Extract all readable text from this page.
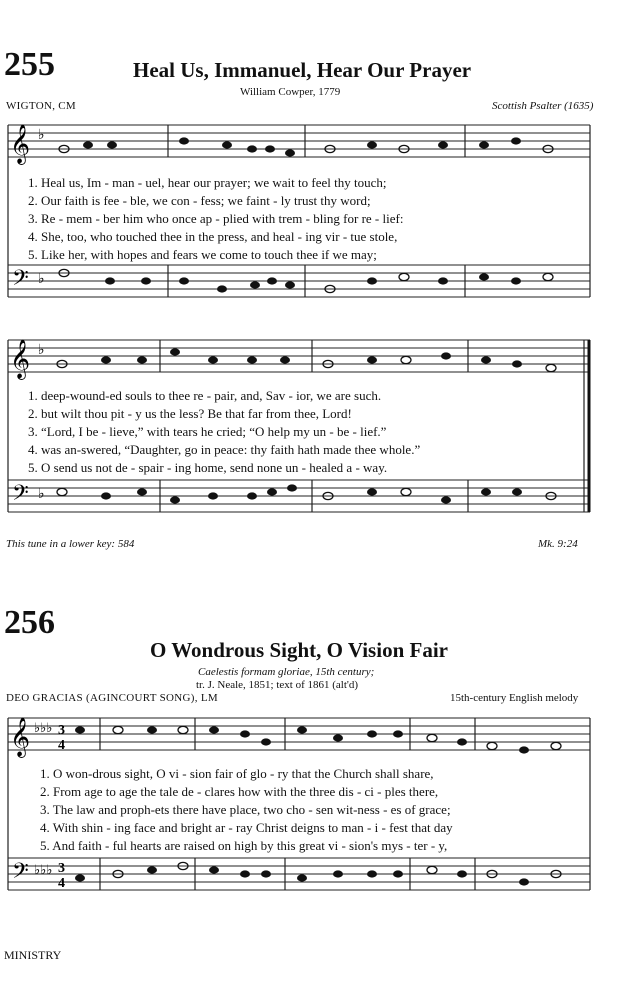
255	Heal Us, Immanuel, Hear Our Prayer
William Cowper, 1779
WIGTON, CM	Scottish Psalter (1635)
𝄞 ♭
𝄢 ♭
1. Heal us, Im - man - uel, hear our prayer; we wait to feel thy touch;
2. Our faith is fee - ble, we con - fess; we faint - ly trust thy word;
3. Re - mem - ber him who once ap - plied with trem - bling for re - lief:
4. She, too, who touched thee in the press, and heal - ing vir - tue stole,
5. Like her, with hopes and fears we come to touch thee if we may;
𝄞 ♭
𝄢 ♭
1. deep-wound-ed souls to thee re - pair, and, Sav - ior, we are such.
2. but wilt thou pit - y us the less? Be that far from thee, Lord!
3. “Lord, I be - lieve,” with tears he cried; “O help my un - be - lief.”
4. was an-swered, “Daughter, go in peace: thy faith hath made thee whole.”
5. O send us not de - spair - ing home, send none un - healed a - way.
This tune in a lower key: 584	Mk. 9:24
256
O Wondrous Sight, O Vision Fair
Caelestis formam gloriae, 15th century;
tr. J. Neale, 1851; text of 1861 (alt'd)
DEO GRACIAS (AGINCOURT SONG), LM	15th-century English melody
𝄞 ♭♭♭ 3
4
𝄢 ♭♭♭ 3
4
1. O won-drous sight, O vi - sion fair of glo - ry that the Church shall share,
2. From age to age the tale de - clares how with the three dis - ci - ples there,
3. The law and proph-ets there have place, two cho - sen wit-ness - es of grace;
4. With shin - ing face and bright ar - ray Christ deigns to man - i - fest that day
5. And faith - ful hearts are raised on high by this great vi - sion's mys - ter - y,
MINISTRY
